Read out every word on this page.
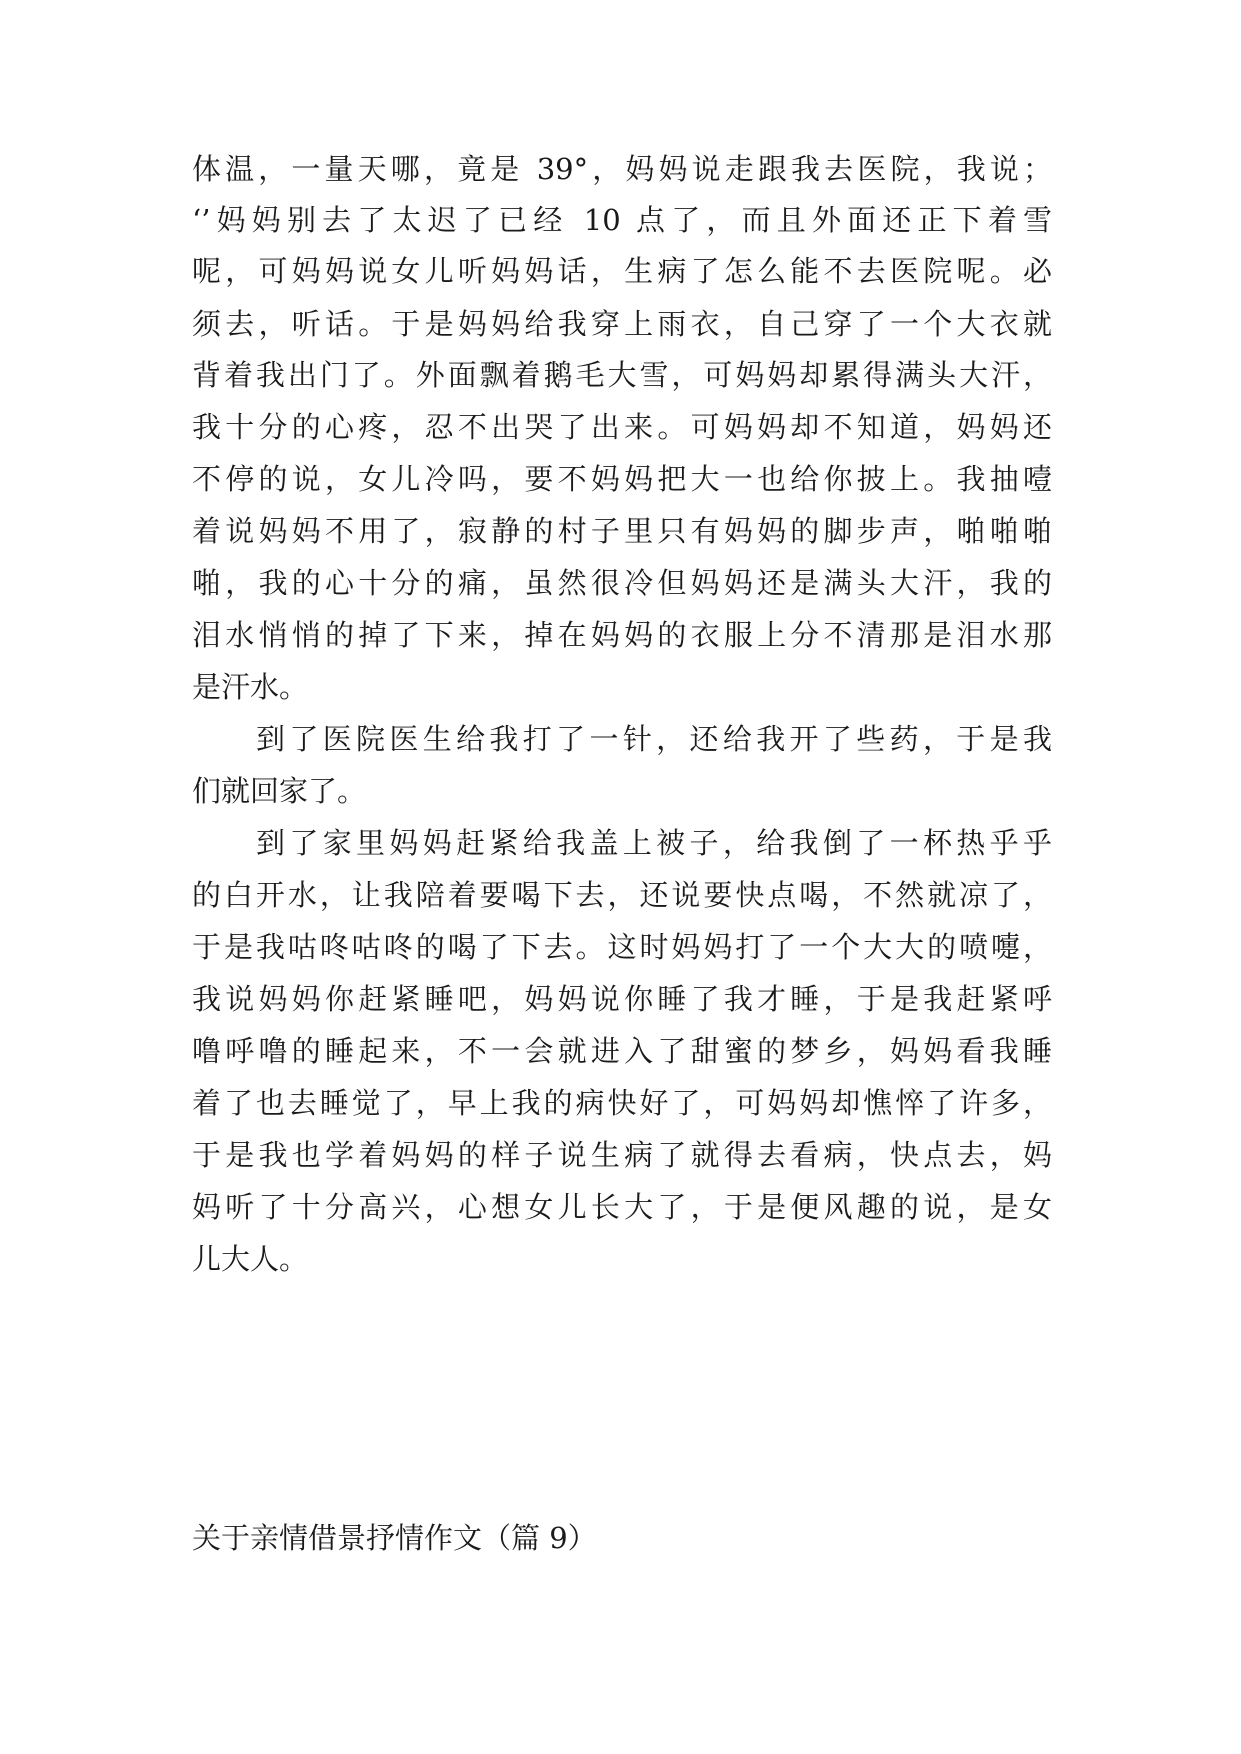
体温，一量天哪，竟是 39°，妈妈说走跟我去医院，我说；
‘’妈妈别去了太迟了已经 10 点了，而且外面还正下着雪
呢，可妈妈说女儿听妈妈话，生病了怎么能不去医院呢。必
须去，听话。于是妈妈给我穿上雨衣，自己穿了一个大衣就
背着我出门了。外面飘着鹅毛大雪，可妈妈却累得满头大汗，
我十分的心疼，忍不出哭了出来。可妈妈却不知道，妈妈还
不停的说，女儿冷吗，要不妈妈把大一也给你披上。我抽噎
着说妈妈不用了，寂静的村子里只有妈妈的脚步声，啪啪啪
啪，我的心十分的痛，虽然很冷但妈妈还是满头大汗，我的
泪水悄悄的掉了下来，掉在妈妈的衣服上分不清那是泪水那
是汗水。
到了医院医生给我打了一针，还给我开了些药，于是我
们就回家了。
到了家里妈妈赶紧给我盖上被子，给我倒了一杯热乎乎
的白开水，让我陪着要喝下去，还说要快点喝，不然就凉了，
于是我咕咚咕咚的喝了下去。这时妈妈打了一个大大的喷嚏，
我说妈妈你赶紧睡吧，妈妈说你睡了我才睡，于是我赶紧呼
噜呼噜的睡起来，不一会就进入了甜蜜的梦乡，妈妈看我睡
着了也去睡觉了，早上我的病快好了，可妈妈却憔悴了许多，
于是我也学着妈妈的样子说生病了就得去看病，快点去，妈
妈听了十分高兴，心想女儿长大了，于是便风趣的说，是女
儿大人。
关于亲情借景抒情作文（篇 9）
